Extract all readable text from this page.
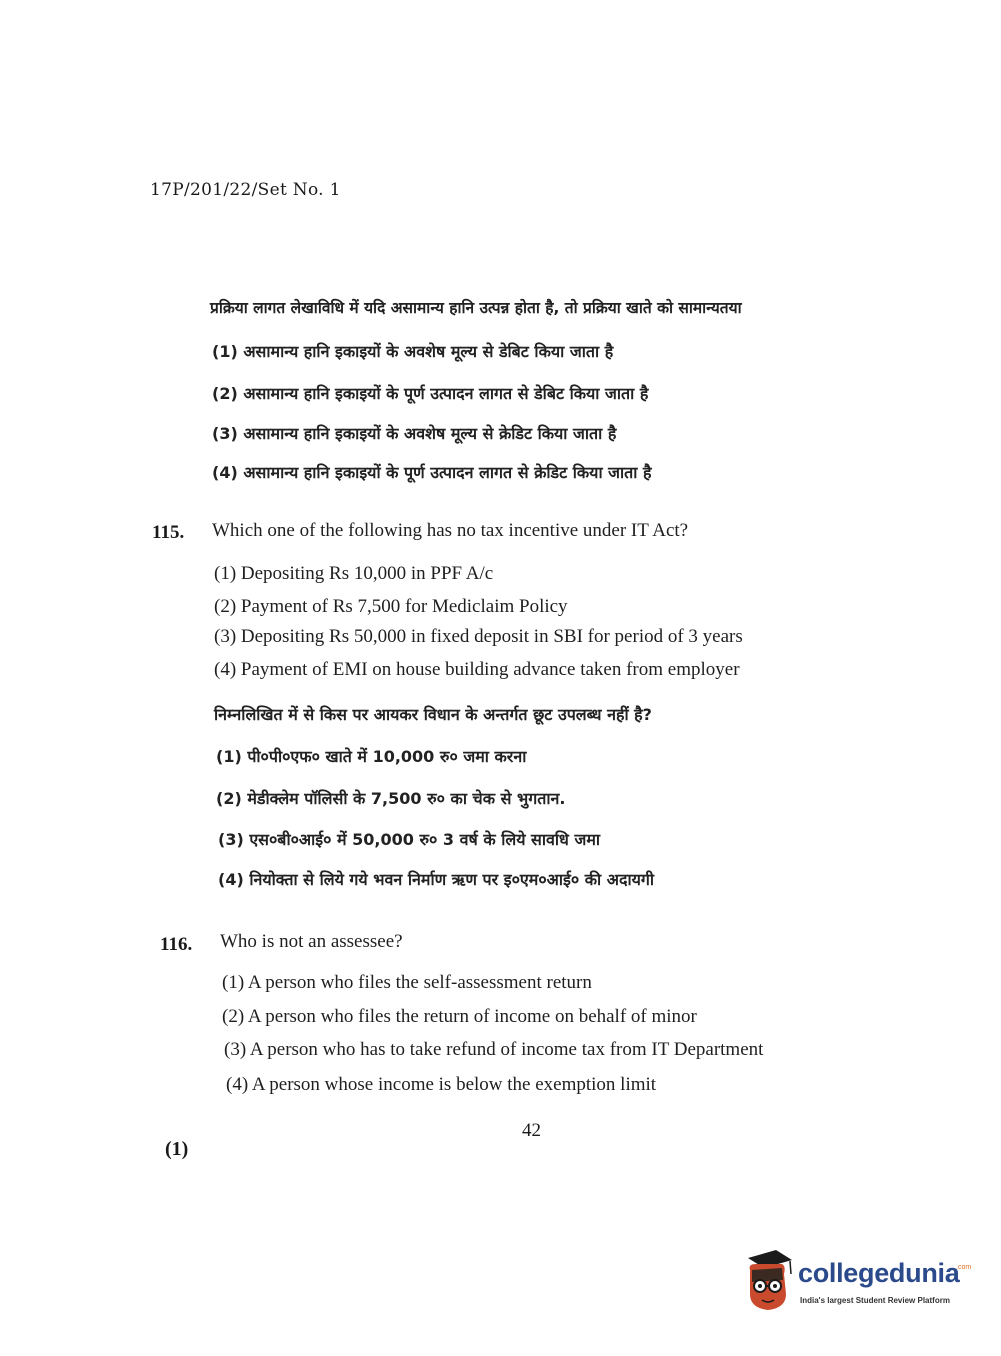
17P/201/22/Set No. 1
प्रक्रिया लागत लेखाविधि में यदि असामान्य हानि उत्पन्न होता है, तो प्रक्रिया खाते को सामान्यतया
(1) असामान्य हानि इकाइयों के अवशेष मूल्य से डेबिट किया जाता है
(2) असामान्य हानि इकाइयों के पूर्ण उत्पादन लागत से डेबिट किया जाता है
(3) असामान्य हानि इकाइयों के अवशेष मूल्य से क्रेडिट किया जाता है
(4) असामान्य हानि इकाइयों के पूर्ण उत्पादन लागत से क्रेडिट किया जाता है
115. Which one of the following has no tax incentive under IT Act?
(1) Depositing Rs 10,000 in PPF A/c
(2) Payment of Rs 7,500 for Mediclaim Policy
(3) Depositing Rs 50,000 in fixed deposit in SBI for period of 3 years
(4) Payment of EMI on house building advance taken from employer
निम्नलिखित में से किस पर आयकर विधान के अन्तर्गत छूट उपलब्ध नहीं है?
(1) पी०पी०एफ० खाते में 10,000 रु० जमा करना
(2) मेडीक्लेम पॉलिसी के 7,500 रु० का चेक से भुगतान.
(3) एस०बी०आई० में 50,000 रु० 3 वर्ष के लिये सावधि जमा
(4) नियोक्ता से लिये गये भवन निर्माण ऋण पर इ०एम०आई० की अदायगी
116. Who is not an assessee?
(1) A person who files the self-assessment return
(2) A person who files the return of income on behalf of minor
(3) A person who has to take refund of income tax from IT Department
(4) A person whose income is below the exemption limit
42
(1)
collegedunia
.com
India's largest Student Review Platform
